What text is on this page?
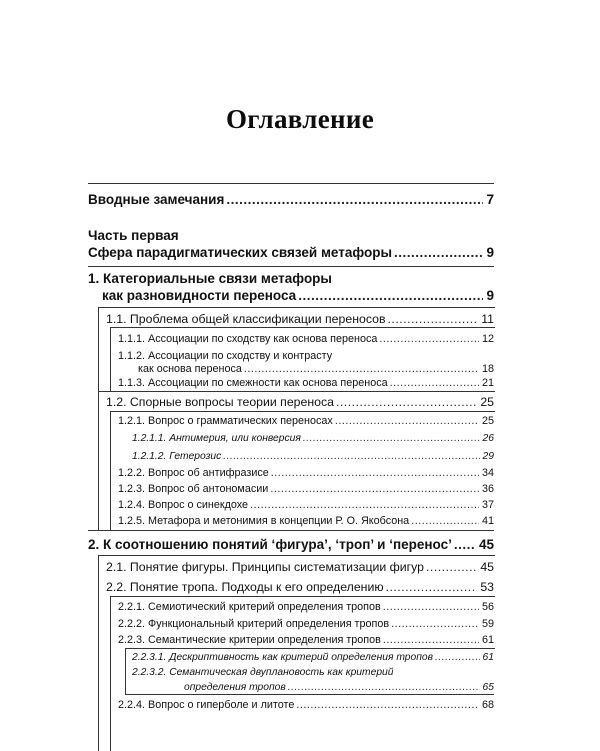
Оглавление
Вводные замечания .....	7
Часть первая
Сфера парадигматических связей метафоры .....	9
1. Категориальные связи метафоры
как разновидности переноса .....	9
1.1. Проблема общей классификации переносов .....	11
1.1.1. Ассоциации по сходству как основа переноса .....	12
1.1.2. Ассоциации по сходству и контрасту
как основа переноса .....	18
1.1.3. Ассоциации по смежности как основа переноса .....	21
1.2. Спорные вопросы теории переноса .....	25
1.2.1. Вопрос о грамматических переносах .....	25
1.2.1.1. Антимерия, или конверсия .....	26
1.2.1.2. Гетерозис .....	29
1.2.2. Вопрос об антифразисе .....	34
1.2.3. Вопрос об антономасии .....	36
1.2.4. Вопрос о синекдохе .....	37
1.2.5. Метафора и метонимия в концепции Р. О. Якобсона .....	41
2. К соотношению понятий ‘фигура’, ‘троп’ и ‘перенос’ ..... 45
2.1. Понятие фигуры. Принципы систематизации фигур .....	45
2.2. Понятие тропа. Подходы к его определению .....	53
2.2.1. Семиотический критерий определения тропов .....	56
2.2.2. Функциональный критерий определения тропов .....	59
2.2.3. Семантические критерии определения тропов .....	61
2.2.3.1. Дескриптивность как критерий определения тропов .....	61
2.2.3.2. Семантическая двуплановость как критерий
определения тропов .....	65
2.2.4. Вопрос о гиперболе и литоте .....	68
